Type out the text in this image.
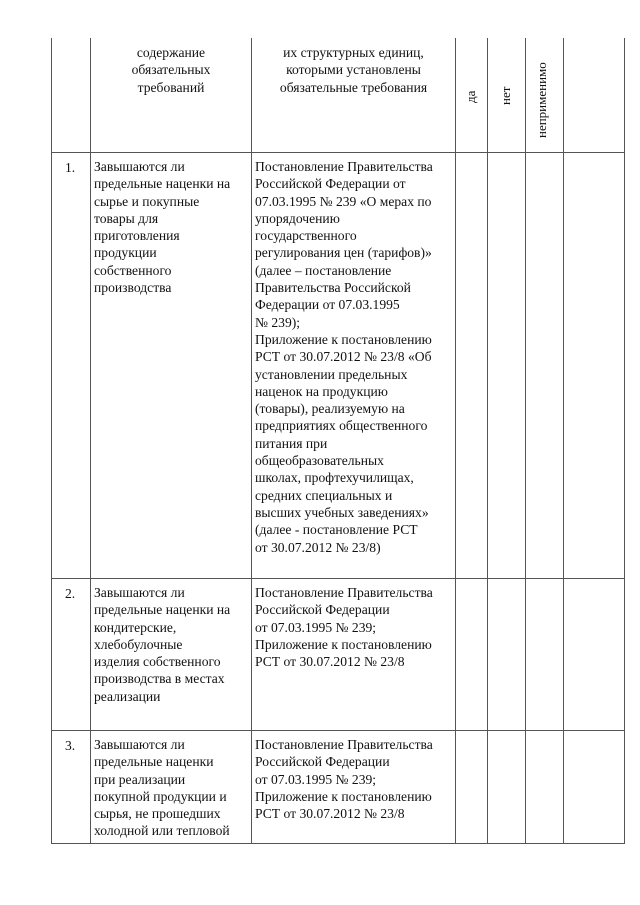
содержание
обязательных
требований
их структурных единиц,
которыми установлены
обязательные требования
да нет неприменимо
1. Завышаются ли
предельные наценки на
сырье и покупные
товары для
приготовления
продукции
собственного
производства
Постановление Правительства
Российской Федерации от
07.03.1995 № 239 «О мерах по
упорядочению
государственного
регулирования цен (тарифов)»
(далее – постановление
Правительства Российской
Федерации от 07.03.1995
№ 239);
Приложение к постановлению
РСТ от 30.07.2012 № 23/8 «Об
установлении предельных
наценок на продукцию
(товары), реализуемую на
предприятиях общественного
питания при
общеобразовательных
школах, профтехучилищах,
средних специальных и
высших учебных заведениях»
(далее - постановление РСТ
от 30.07.2012 № 23/8)
2. Завышаются ли
предельные наценки на
кондитерские,
хлебобулочные
изделия собственного
производства в местах
реализации
Постановление Правительства
Российской Федерации
от 07.03.1995 № 239;
Приложение к постановлению
РСТ от 30.07.2012 № 23/8
3. Завышаются ли
предельные наценки
при реализации
покупной продукции и
сырья, не прошедших
холодной или тепловой
Постановление Правительства
Российской Федерации
от 07.03.1995 № 239;
Приложение к постановлению
РСТ от 30.07.2012 № 23/8
